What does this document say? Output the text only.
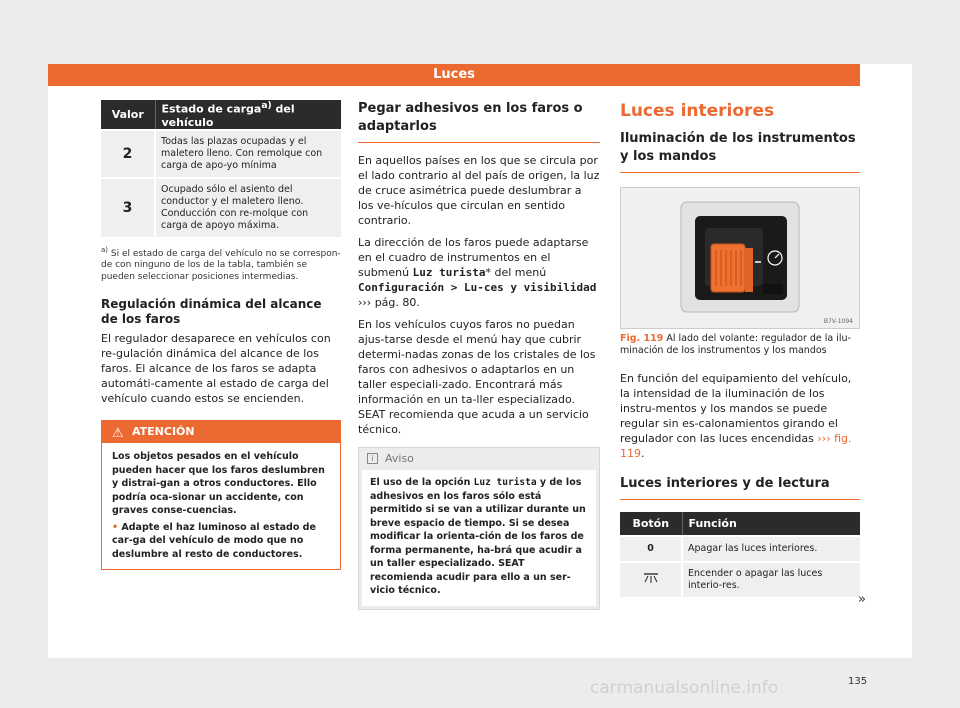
Luces
Valor	Estado de carga$^{a)}$ del vehículo
2	Todas las plazas ocupadas y el maletero lleno. Con remolque con carga de apo-yo mínima
3	Ocupado sólo el asiento del conductor y el maletero lleno. Conducción con re-molque con carga de apoyo máxima.
$^{a)}$ Si el estado de carga del vehículo no se correspon-de con ninguno de los de la tabla, también se pueden seleccionar posiciones intermedias.
Regulación dinámica del alcance de los faros

El regulador desaparece en vehículos con re-gulación dinámica del alcance de los faros. El alcance de los faros se adapta automáti-camente al estado de carga del vehículo cuando estos se encienden.

⚠ ATENCIÓN
Los objetos pesados en el vehículo pueden hacer que los faros deslumbren y distrai-gan a otros conductores. Ello podría oca-sionar un accidente, con graves conse-cuencias.
• Adapte el haz luminoso al estado de car-ga del vehículo de modo que no deslumbre al resto de conductores.
Pegar adhesivos en los faros o adaptarlos

En aquellos países en los que se circula por el lado contrario al del país de origen, la luz de cruce asimétrica puede deslumbrar a los ve-hículos que circulan en sentido contrario.

La dirección de los faros puede adaptarse en el cuadro de instrumentos en el submenú Luz turista* del menú Configuración > Lu-ces y visibilidad ››› pág. 80.

En los vehículos cuyos faros no puedan ajus-tarse desde el menú hay que cubrir determi-nadas zonas de los cristales de los faros con adhesivos o adaptarlos en un taller especiali-zado. Encontrará más información en un ta-ller especializado. SEAT recomienda que acuda a un servicio técnico.

i	Aviso
El uso de la opción Luz turista y de los adhesivos en los faros sólo está permitido si se van a utilizar durante un breve espacio de tiempo. Si se desea modificar la orienta-ción de los faros de forma permanente, ha-brá que acudir a un taller especializado. SEAT recomienda acudir para ello a un ser-vicio técnico.
Luces interiores
Iluminación de los instrumentos y los mandos
B7V-1094
Fig. 119 Al lado del volante: regulador de la ilu-minación de los instrumentos y los mandos

En función del equipamiento del vehículo, la intensidad de la iluminación de los instru-mentos y los mandos se puede regular sin es-calonamientos girando el regulador con las luces encendidas ››› fig. 119.

Luces interiores y de lectura
Botón	Función
0	Apagar las luces interiores.
	Encender o apagar las luces interio-res.
»
135
carmanualsonline.info
